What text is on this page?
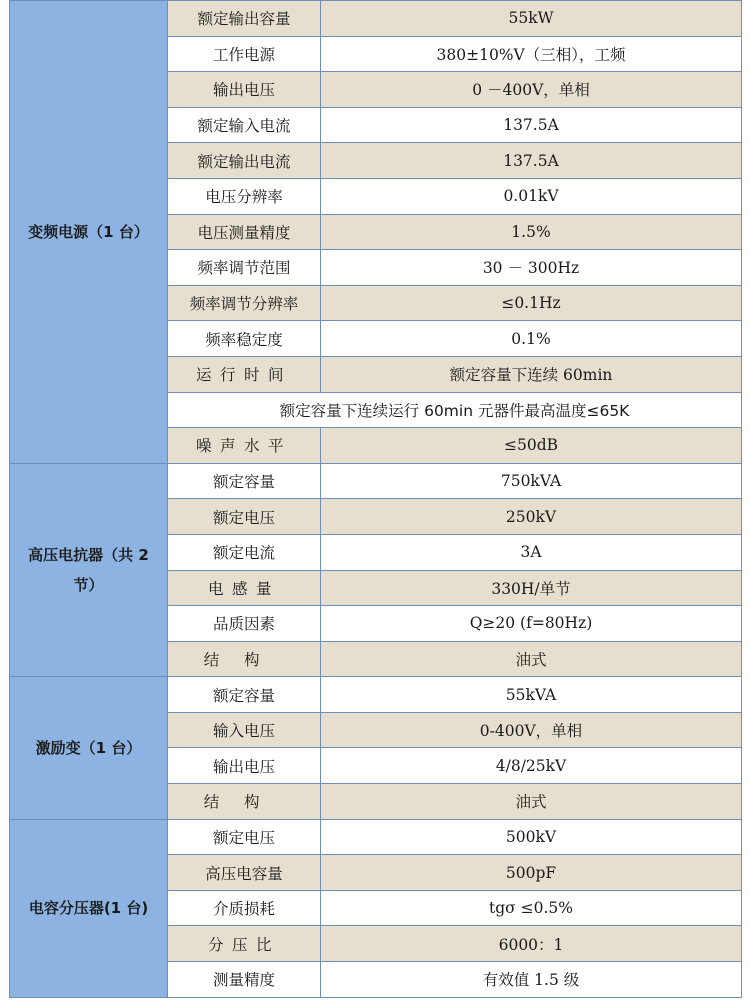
变频电源（1 台）	额定输出容量	55kW
	工作电源	380±10%V（三相），工频
	输出电压	0 －400V，单相
	额定输入电流	137.5A
	额定输出电流	137.5A
	电压分辨率	0.01kV
	电压测量精度	1.5%
	频率调节范围	30 － 300Hz
	频率调节分辨率	≤0.1Hz
	频率稳定度	0.1%
	运行时间	额定容量下连续 60min
	额定容量下连续运行 60min 元器件最高温度≤65K	
	噪声水平	≤50dB
高压电抗器（共 2 节）	额定容量	750kVA
	额定电压	250kV
	额定电流	3A
	电感量	330H/单节
	品质因素	Q≥20 (f=80Hz)
	结构	油式
激励变（1 台）	额定容量	55kVA
	输入电压	0-400V，单相
	输出电压	4/8/25kV
	结构	油式
电容分压器(1 台)	额定电压	500kV
	高压电容量	500pF
	介质损耗	tgσ ≤0.5%
	分压比	6000：1
	测量精度	有效值 1.5 级
